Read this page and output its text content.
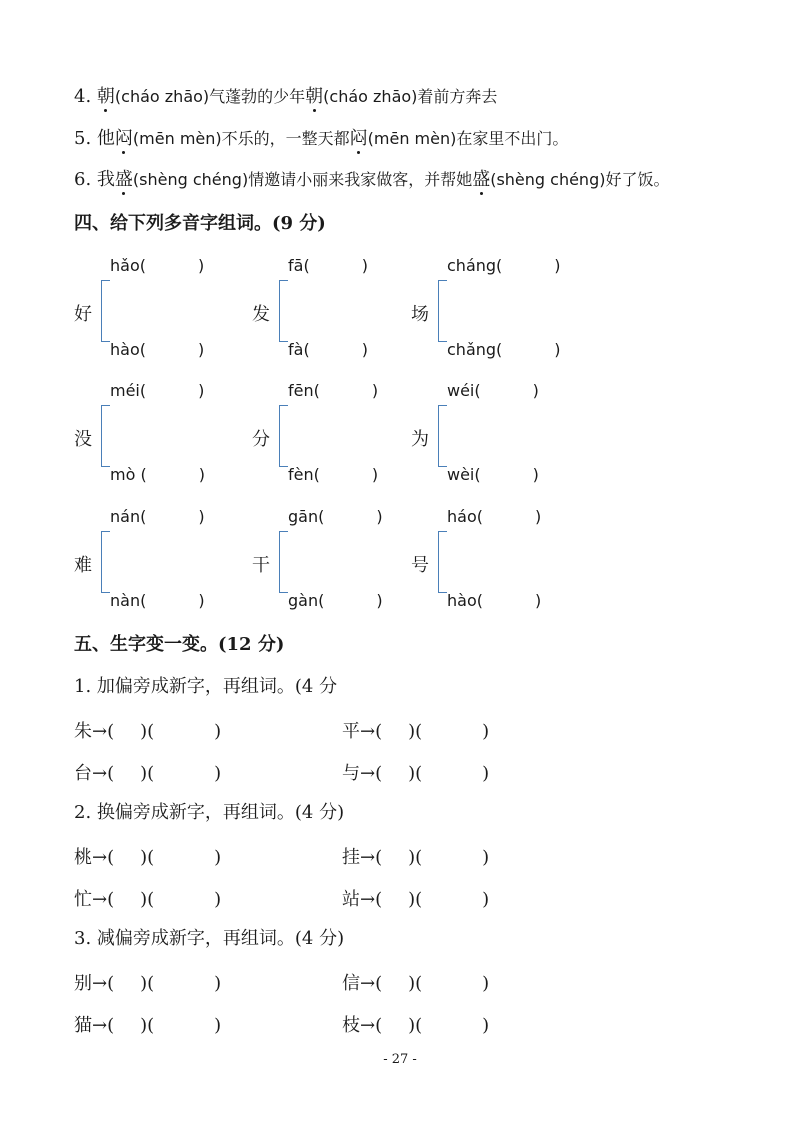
4. 朝(cháo zhāo)气蓬勃的少年朝(cháo zhāo)着前方奔去
5. 他闷(mēn mèn)不乐的，一整天都闷(mēn mèn)在家里不出门。
6. 我盛(shèng chéng)情邀请小丽来我家做客，并帮她盛(shèng chéng)好了饭。
四、给下列多音字组词。(9 分)
好
hǎo(	)
hào(	)
发
fā(	)
fà(	)
场
cháng(	)
chǎng(	)
没
méi(	)
mò (	)
分
fēn(	)
fèn(	)
为
wéi(	)
wèi(	)
难
nán(	)
nàn(	)
干
gān(	)
gàn(	)
号
háo(	)
hào(	)
五、生字变一变。(12 分)
1. 加偏旁成新字，再组词。(4 分
朱→( )(	)	平→( )(	)
台→( )(	)	与→( )(	)
2. 换偏旁成新字，再组词。(4 分)
桃→( )(	)	挂→( )(	)
忙→( )(	)	站→( )(	)
3. 减偏旁成新字，再组词。(4 分)
别→( )(	)	信→( )(	)
猫→( )(	)	枝→( )(	)
- 27 -
